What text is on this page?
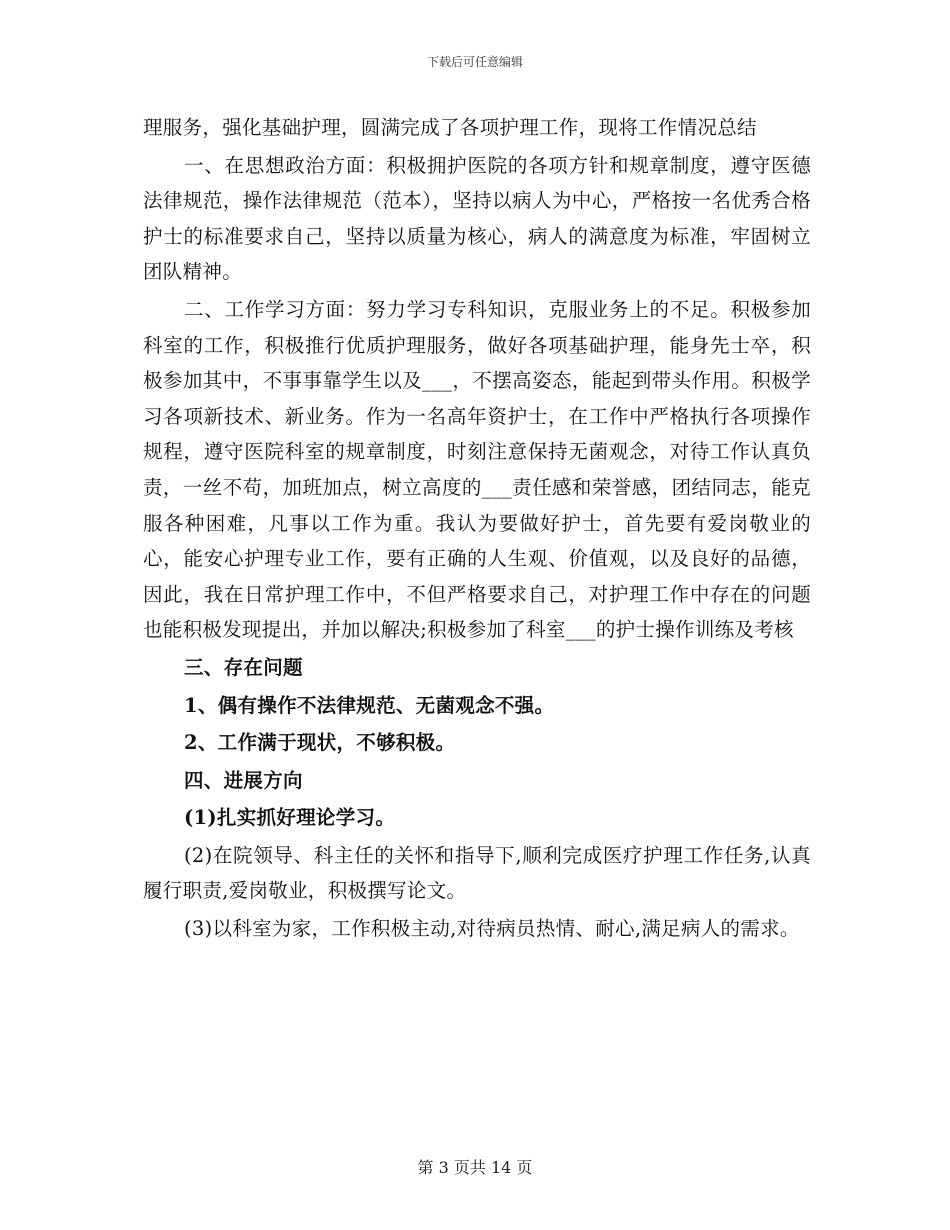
下载后可任意编辑

理服务，强化基础护理，圆满完成了各项护理工作，现将工作情况总结

一、在思想政治方面：积极拥护医院的各项方针和规章制度，遵守医德法律规范，操作法律规范（范本），坚持以病人为中心，严格按一名优秀合格护士的标准要求自己，坚持以质量为核心，病人的满意度为标准，牢固树立团队精神。

二、工作学习方面：努力学习专科知识，克服业务上的不足。积极参加科室的工作，积极推行优质护理服务，做好各项基础护理，能身先士卒，积极参加其中，不事事靠学生以及___，不摆高姿态，能起到带头作用。积极学习各项新技术、新业务。作为一名高年资护士，在工作中严格执行各项操作规程，遵守医院科室的规章制度，时刻注意保持无菌观念，对待工作认真负责，一丝不苟，加班加点，树立高度的___责任感和荣誉感，团结同志，能克服各种困难，凡事以工作为重。我认为要做好护士，首先要有爱岗敬业的心，能安心护理专业工作，要有正确的人生观、价值观，以及良好的品德，因此，我在日常护理工作中，不但严格要求自己，对护理工作中存在的问题也能积极发现提出，并加以解决;积极参加了科室___的护士操作训练及考核

三、存在问题

1、偶有操作不法律规范、无菌观念不强。

2、工作满于现状，不够积极。

四、进展方向

(1)扎实抓好理论学习。

(2)在院领导、科主任的关怀和指导下,顺利完成医疗护理工作任务,认真履行职责,爱岗敬业，积极撰写论文。

(3)以科室为家，工作积极主动,对待病员热情、耐心,满足病人的需求。

第 3 页共 14 页
